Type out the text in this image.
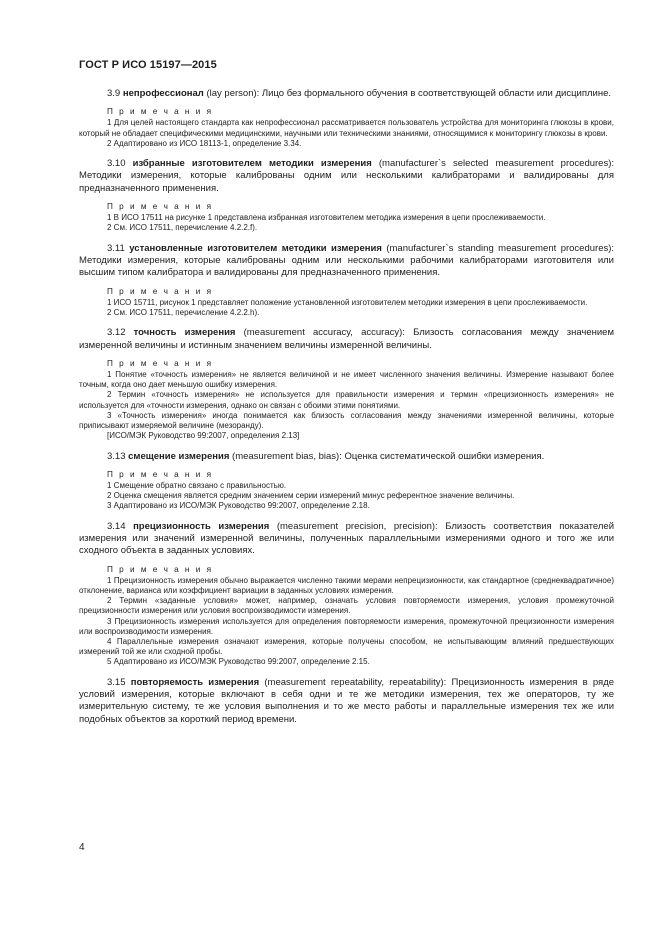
ГОСТ Р ИСО 15197—2015

3.9 непрофессионал (lay person): Лицо без формального обучения в соответствующей области или дисциплине.

П р и м е ч а н и я

1 Для целей настоящего стандарта как непрофессионал рассматривается пользователь устройства для мониторинга глюкозы в крови, который не обладает специфическими медицинскими, научными или техническими знаниями, относящимися к мониторингу глюкозы в крови.

2 Адаптировано из ИСО 18113-1, определение 3.34.

3.10 избранные изготовителем методики измерения (manufacturer`s selected measurement procedures): Методики измерения, которые калиброваны одним или несколькими калибраторами и валидированы для предназначенного применения.

П р и м е ч а н и я

1 В ИСО 17511 на рисунке 1 представлена избранная изготовителем методика измерения в цепи прослеживаемости.

2 См. ИСО 17511, перечисление 4.2.2.f).

3.11 установленные изготовителем методики измерения (manufacturer`s standing measurement procedures): Методики измерения, которые калиброваны одним или несколькими рабочими калибраторами изготовителя или высшим типом калибратора и валидированы для предназначенного применения.

П р и м е ч а н и я

1 ИСО 15711, рисунок 1 представляет положение установленной изготовителем методики измерения в цепи прослеживаемости.

2 См. ИСО 17511, перечисление 4.2.2.h).

3.12 точность измерения (measurement accuracy, accuracy): Близость согласования между значением измеренной величины и истинным значением величины измеренной величины.

П р и м е ч а н и я

1 Понятие «точность измерения» не является величиной и не имеет численного значения величины. Измерение называют более точным, когда оно дает меньшую ошибку измерения.

2 Термин «точность измерения» не используется для правильности измерения и термин «прецизионность измерения» не используется для «точности измерения, однако он связан с обоими этими понятиями.

3 «Точность измерения» иногда понимается как близость согласования между значениями измеренной величины, которые приписывают измеряемой величине (мезоранду).

[ИСО/МЭК Руководство 99:2007, определения 2.13]

3.13 смещение измерения (measurement bias, bias): Оценка систематической ошибки измерения.

П р и м е ч а н и я

1 Смещение обратно связано с правильностью.

2 Оценка смещения является средним значением серии измерений минус референтное значение величины.

3 Адаптировано из ИСО/МЭК Руководство 99:2007, определение 2.18.

3.14 прецизионность измерения (measurement precision, precision): Близость соответствия показателей измерения или значений измеренной величины, полученных параллельными измерениями одного и того же или сходного объекта в заданных условиях.

П р и м е ч а н и я

1 Прецизионность измерения обычно выражается численно такими мерами непрецизионности, как стандартное (среднеквадратичное) отклонение, варианса или коэффициент вариации в заданных условиях измерения.

2 Термин «заданные условия» может, например, означать условия повторяемости измерения, условия промежуточной прецизионности измерения или условия воспроизводимости измерения.

3 Прецизионность измерения используется для определения повторяемости измерения, промежуточной прецизионности измерения или воспроизводимости измерения.

4 Параллельные измерения означают измерения, которые получены способом, не испытывающим влияний предшествующих измерений той же или сходной пробы.

5 Адаптировано из ИСО/МЭК Руководство 99:2007, определение 2.15.

3.15 повторяемость измерения (measurement repeatability, repeatability): Прецизионность измерения в ряде условий измерения, которые включают в себя одни и те же методики измерения, тех же операторов, ту же измерительную систему, те же условия выполнения и то же место работы и параллельные измерения тех же или подобных объектов за короткий период времени.

4
